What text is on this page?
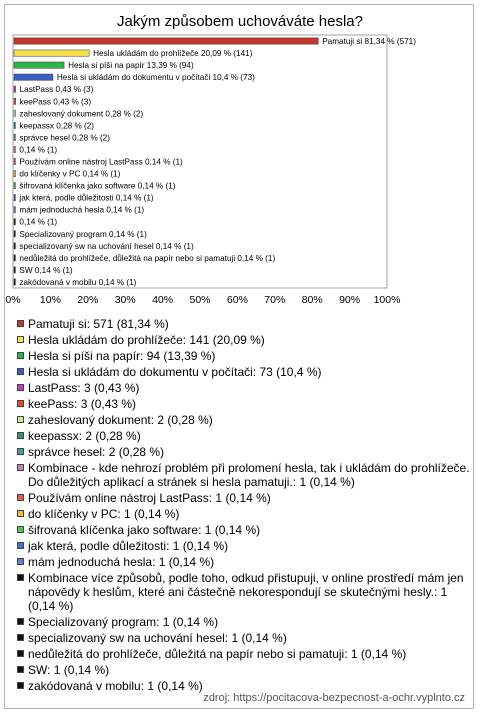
Jakým způsobem uchováváte hesla?
Pamatuji si 81,34 % (571)
Hesla ukládám do prohlížeče 20,09 % (141)
Hesla si píši na papír 13,39 % (94)
Hesla si ukládám do dokumentu v počítači 10,4 % (73)
LastPass 0,43 % (3)
keePass 0,43 % (3)
zaheslovaný dokument 0,28 % (2)
keepassx 0,28 % (2)
správce hesel 0,28 % (2)
0,14 % (1)
Používám online nástroj LastPass 0,14 % (1)
do klíčenky v PC 0,14 % (1)
šifrovaná klíčenka jako software 0,14 % (1)
jak která, podle důležitosti 0,14 % (1)
mám jednoduchá hesla 0,14 % (1)
0,14 % (1)
Specializovaný program 0,14 % (1)
specializovaný sw na uchování hesel 0,14 % (1)
nedůležitá do prohlížeče, důležitá na papír nebo si pamatuji 0,14 % (1)
SW 0,14 % (1)
zakódovaná v mobilu 0,14 % (1)
0% 10% 20% 30% 40% 50% 60% 70% 80% 90% 100%
Pamatuji si: 571 (81,34 %)
Hesla ukládám do prohlížeče: 141 (20,09 %)
Hesla si píši na papír: 94 (13,39 %)
Hesla si ukládám do dokumentu v počítači: 73 (10,4 %)
LastPass: 3 (0,43 %)
keePass: 3 (0,43 %)
zaheslovaný dokument: 2 (0,28 %)
keepassx: 2 (0,28 %)
správce hesel: 2 (0,28 %)
Kombinace - kde nehrozí problém při prolomení hesla, tak i ukládám do prohlížeče. Do důležitých aplikací a stránek si hesla pamatuji.: 1 (0,14 %)
Používám online nástroj LastPass: 1 (0,14 %)
do klíčenky v PC: 1 (0,14 %)
šifrovaná klíčenka jako software: 1 (0,14 %)
jak která, podle důležitosti: 1 (0,14 %)
mám jednoduchá hesla: 1 (0,14 %)
Kombinace více způsobů, podle toho, odkud přistupuji, v online prostředí mám jen nápovědy k heslům, které ani částečně nekorespondují se skutečnými hesly.: 1 (0,14 %)
Specializovaný program: 1 (0,14 %)
specializovaný sw na uchování hesel: 1 (0,14 %)
nedůležitá do prohlížeče, důležitá na papír nebo si pamatuji: 1 (0,14 %)
SW: 1 (0,14 %)
zakódovaná v mobilu: 1 (0,14 %)
zdroj: https://pocitacova-bezpecnost-a-ochr.vyplnto.cz
